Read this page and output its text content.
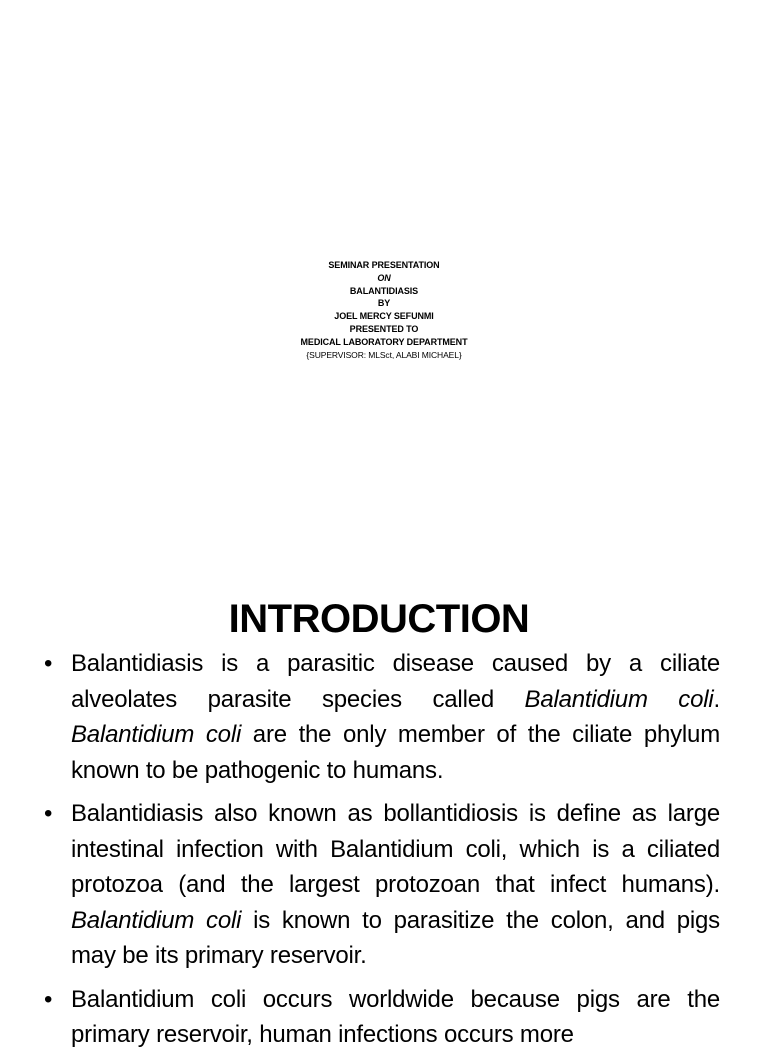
SEMINAR PRESENTATION
ON
BALANTIDIASIS
BY
JOEL MERCY SEFUNMI
PRESENTED TO
MEDICAL LABORATORY DEPARTMENT
{SUPERVISOR: MLSct, ALABI MICHAEL}
INTRODUCTION
• Balantidiasis is a parasitic disease caused by a ciliate alveolates parasite species called Balantidium coli. Balantidium coli are the only member of the ciliate phylum known to be pathogenic to humans.
• Balantidiasis also known as bollantidiosis is define as large intestinal infection with Balantidium coli, which is a ciliated protozoa (and the largest protozoan that infect humans). Balantidium coli is known to parasitize the colon, and pigs may be its primary reservoir.
• Balantidium coli occurs worldwide because pigs are the primary reservoir, human infections occurs more
